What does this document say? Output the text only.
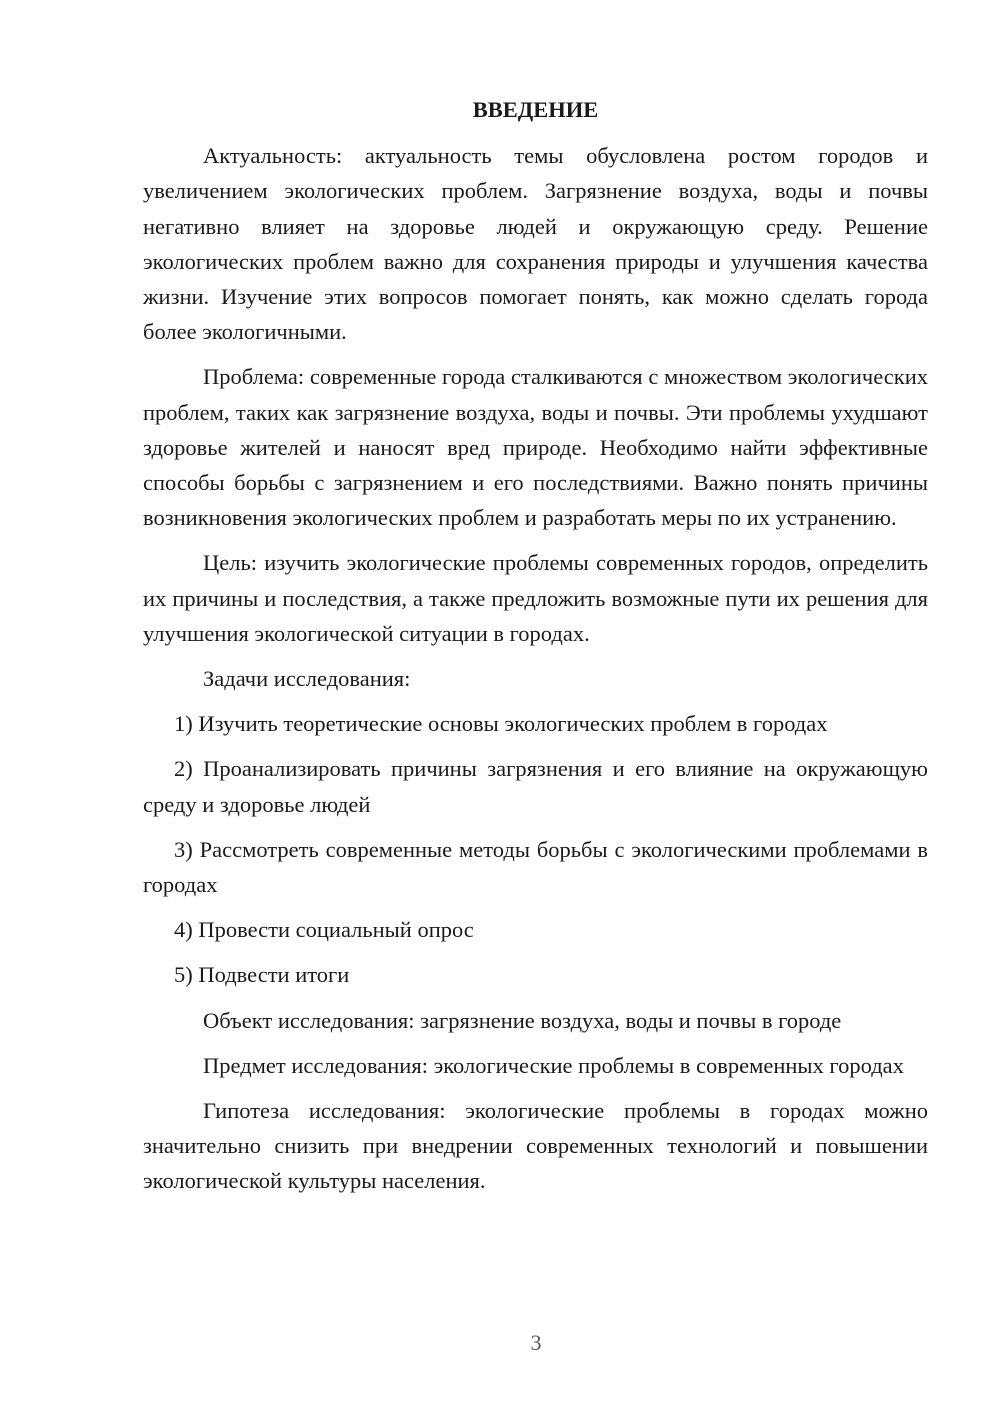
ВВЕДЕНИЕ

Актуальность: актуальность темы обусловлена ростом городов и увеличением экологических проблем. Загрязнение воздуха, воды и почвы негативно влияет на здоровье людей и окружающую среду. Решение экологических проблем важно для сохранения природы и улучшения качества жизни. Изучение этих вопросов помогает понять, как можно сделать города более экологичными.

Проблема: современные города сталкиваются с множеством экологических проблем, таких как загрязнение воздуха, воды и почвы. Эти проблемы ухудшают здоровье жителей и наносят вред природе. Необходимо найти эффективные способы борьбы с загрязнением и его последствиями. Важно понять причины возникновения экологических проблем и разработать меры по их устранению.

Цель: изучить экологические проблемы современных городов, определить их причины и последствия, а также предложить возможные пути их решения для улучшения экологической ситуации в городах.

Задачи исследования:

1) Изучить теоретические основы экологических проблем в городах

2) Проанализировать причины загрязнения и его влияние на окружающую среду и здоровье людей

3) Рассмотреть современные методы борьбы с экологическими проблемами в городах

4) Провести социальный опрос

5) Подвести итоги

Объект исследования: загрязнение воздуха, воды и почвы в городе

Предмет исследования: экологические проблемы в современных городах

Гипотеза исследования: экологические проблемы в городах можно значительно снизить при внедрении современных технологий и повышении экологической культуры населения.

3
